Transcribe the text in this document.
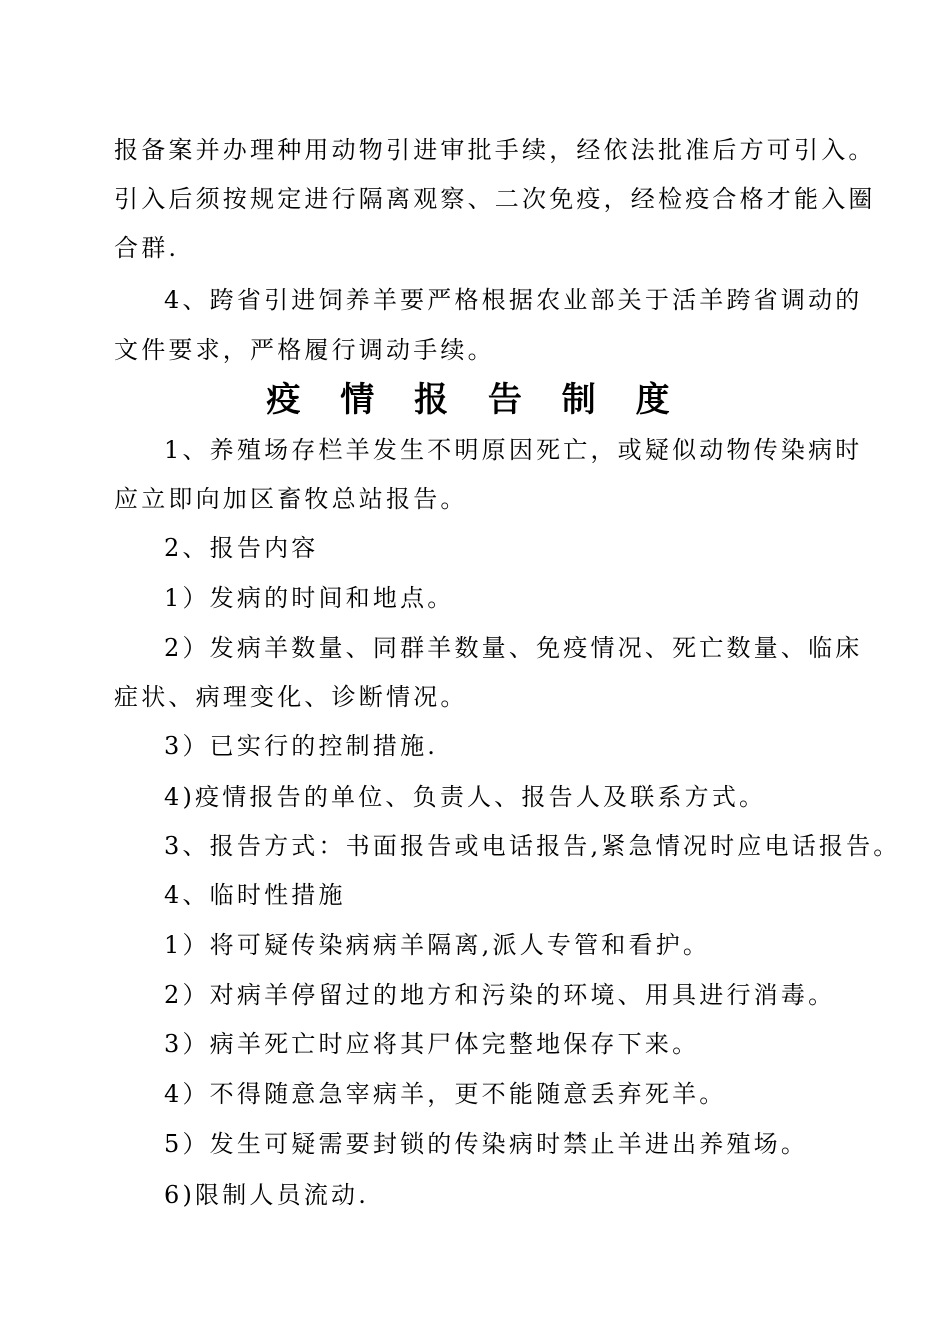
报备案并办理种用动物引进审批手续，经依法批准后方可引入。
引入后须按规定进行隔离观察、二次免疫，经检疫合格才能入圈
合群.
4、跨省引进饲养羊要严格根据农业部关于活羊跨省调动的
文件要求，严格履行调动手续。
疫 情 报 告 制 度
1、养殖场存栏羊发生不明原因死亡，或疑似动物传染病时
应立即向加区畜牧总站报告。
2、报告内容
1）发病的时间和地点。
2）发病羊数量、同群羊数量、免疫情况、死亡数量、临床
症状、病理变化、诊断情况。
3）已实行的控制措施.
4)疫情报告的单位、负责人、报告人及联系方式。
3、报告方式：书面报告或电话报告,紧急情况时应电话报告。
4、临时性措施
1）将可疑传染病病羊隔离,派人专管和看护。
2）对病羊停留过的地方和污染的环境、用具进行消毒。
3）病羊死亡时应将其尸体完整地保存下来。
4）不得随意急宰病羊，更不能随意丢弃死羊。
5）发生可疑需要封锁的传染病时禁止羊进出养殖场。
6)限制人员流动.
